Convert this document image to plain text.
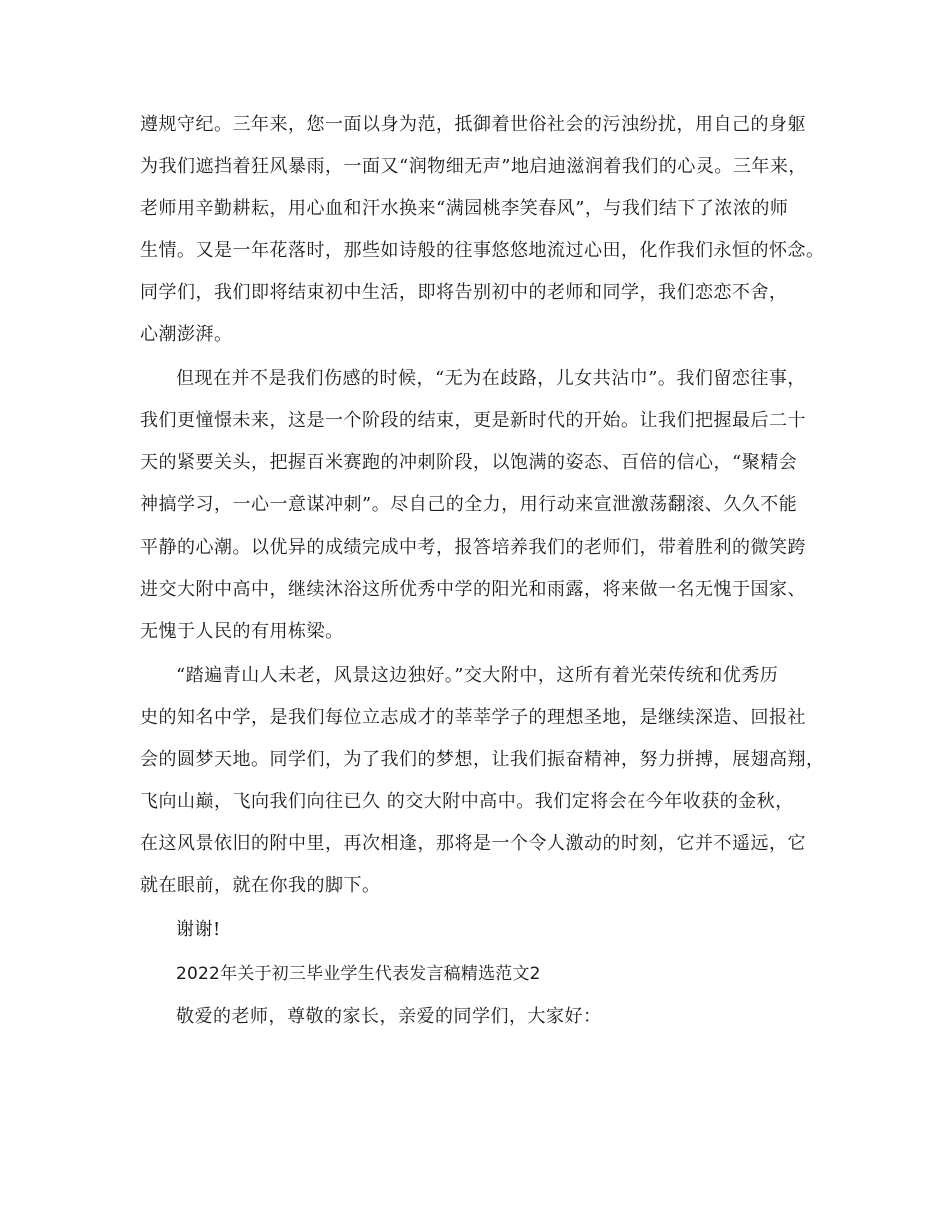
遵规守纪。三年来，您一面以身为范，抵御着世俗社会的污浊纷扰，用自己的身躯
为我们遮挡着狂风暴雨，一面又“润物细无声”地启迪滋润着我们的心灵。三年来，
老师用辛勤耕耘，用心血和汗水换来“满园桃李笑春风”，与我们结下了浓浓的师
生情。又是一年花落时，那些如诗般的往事悠悠地流过心田，化作我们永恒的怀念。
同学们，我们即将结束初中生活，即将告别初中的老师和同学，我们恋恋不舍，
心潮澎湃。
但现在并不是我们伤感的时候，“无为在歧路，儿女共沾巾”。我们留恋往事，
我们更憧憬未来，这是一个阶段的结束，更是新时代的开始。让我们把握最后二十
天的紧要关头，把握百米赛跑的冲刺阶段，以饱满的姿态、百倍的信心，“聚精会
神搞学习，一心一意谋冲刺”。尽自己的全力，用行动来宣泄激荡翻滚、久久不能
平静的心潮。以优异的成绩完成中考，报答培养我们的老师们，带着胜利的微笑跨
进交大附中高中，继续沐浴这所优秀中学的阳光和雨露，将来做一名无愧于国家、
无愧于人民的有用栋梁。
“踏遍青山人未老，风景这边独好。”交大附中，这所有着光荣传统和优秀历
史的知名中学，是我们每位立志成才的莘莘学子的理想圣地，是继续深造、回报社
会的圆梦天地。同学们，为了我们的梦想，让我们振奋精神，努力拼搏，展翅高翔，
飞向山巅，飞向我们向往已久 的交大附中高中。我们定将会在今年收获的金秋，
在这风景依旧的附中里，再次相逢，那将是一个令人激动的时刻，它并不遥远，它
就在眼前，就在你我的脚下。
谢谢!
2022年关于初三毕业学生代表发言稿精选范文2
敬爱的老师，尊敬的家长，亲爱的同学们，大家好：
